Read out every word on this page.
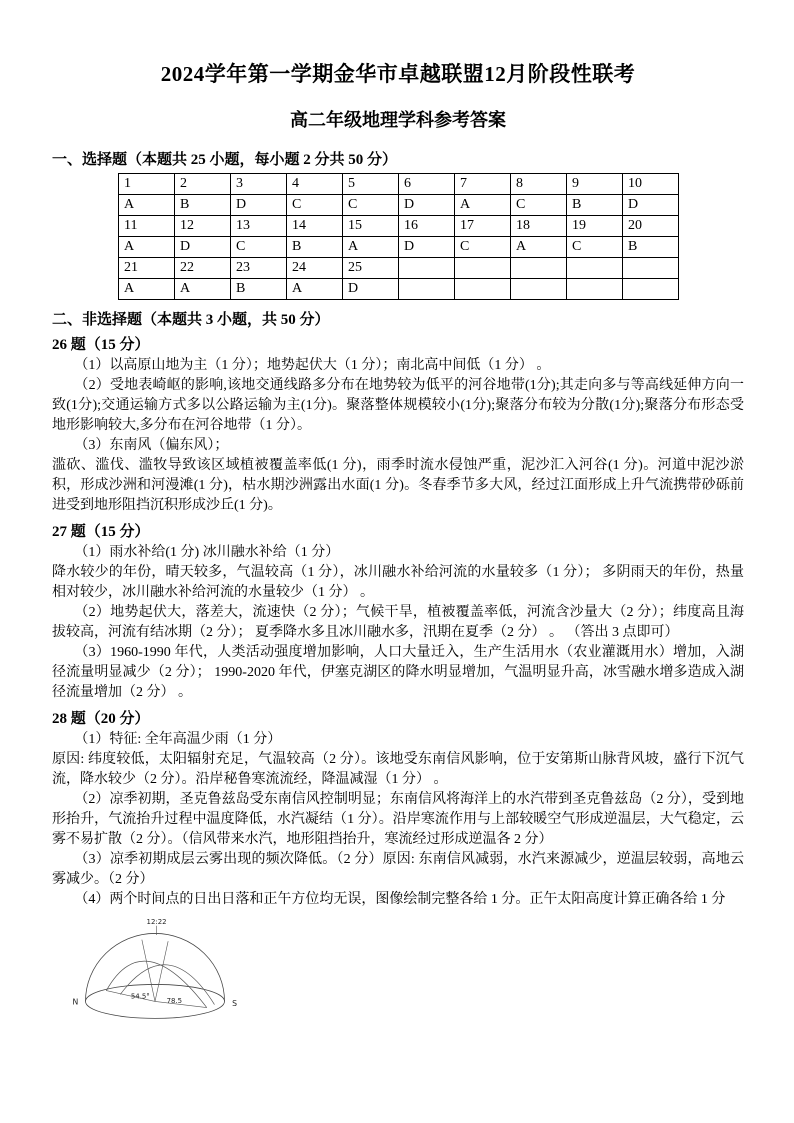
2024学年第一学期金华市卓越联盟12月阶段性联考
高二年级地理学科参考答案
一、选择题（本题共 25 小题，每小题 2 分共 50 分）
1	2	3	4	5	6	7	8	9	10
A	B	D	C	C	D	A	C	B	D
11	12	13	14	15	16	17	18	19	20
A	D	C	B	A	D	C	A	C	B
21	22	23	24	25					
A	A	B	A	D					
二、非选择题（本题共 3 小题，共 50 分）
26 题（15 分）

（1）以高原山地为主（1 分）；地势起伏大（1 分）；南北高中间低（1 分） 。

（2）受地表崎岖的影响,该地交通线路多分布在地势较为低平的河谷地带(1分);其走向多与等高线延伸方向一致(1分);交通运输方式多以公路运输为主(1分)。聚落整体规模较小(1分);聚落分布较为分散(1分);聚落分布形态受地形影响较大,多分布在河谷地带（1 分）。

（3）东南风（偏东风）；

滥砍、滥伐、滥牧导致该区域植被覆盖率低(1 分)，雨季时流水侵蚀严重，泥沙汇入河谷(1 分)。河道中泥沙淤积，形成沙洲和河漫滩(1 分)，枯水期沙洲露出水面(1 分)。冬春季节多大风，经过江面形成上升气流携带砂砾前进受到地形阻挡沉积形成沙丘(1 分)。

27 题（15 分）

（1）雨水补给(1 分) 冰川融水补给（1 分）

降水较少的年份，晴天较多，气温较高（1 分），冰川融水补给河流的水量较多（1 分）； 多阴雨天的年份，热量相对较少，冰川融水补给河流的水量较少（1 分） 。

（2）地势起伏大，落差大，流速快（2 分）；气候干旱，植被覆盖率低，河流含沙量大（2 分）；纬度高且海拔较高，河流有结冰期（2 分）； 夏季降水多且冰川融水多，汛期在夏季（2 分） 。 （答出 3 点即可）

（3）1960-1990 年代，人类活动强度增加影响，人口大量迁入，生产生活用水（农业灌溉用水）增加，入湖径流量明显减少（2 分）； 1990-2020 年代，伊塞克湖区的降水明显增加，气温明显升高，冰雪融水增多造成入湖径流量增加（2 分） 。

28 题（20 分）

（1）特征: 全年高温少雨（1 分）

原因: 纬度较低，太阳辐射充足，气温较高（2 分）。该地受东南信风影响，位于安第斯山脉背风坡，盛行下沉气流，降水较少（2 分）。沿岸秘鲁寒流流经，降温减湿（1 分） 。

（2）凉季初期，圣克鲁兹岛受东南信风控制明显；东南信风将海洋上的水汽带到圣克鲁兹岛（2 分），受到地形抬升，气流抬升过程中温度降低，水汽凝结（1 分）。沿岸寒流作用与上部较暖空气形成逆温层，大气稳定，云雾不易扩散（2 分）。（信风带来水汽，地形阻挡抬升，寒流经过形成逆温各 2 分）

（3）凉季初期成层云雾出现的频次降低。（2 分）原因: 东南信风减弱，水汽来源减少，逆温层较弱，高地云雾减少。（2 分）

（4）两个时间点的日出日落和正午方位均无误，图像绘制完整各给 1 分。正午太阳高度计算正确各给 1 分

12:22
54.5°
78.5
N	S
